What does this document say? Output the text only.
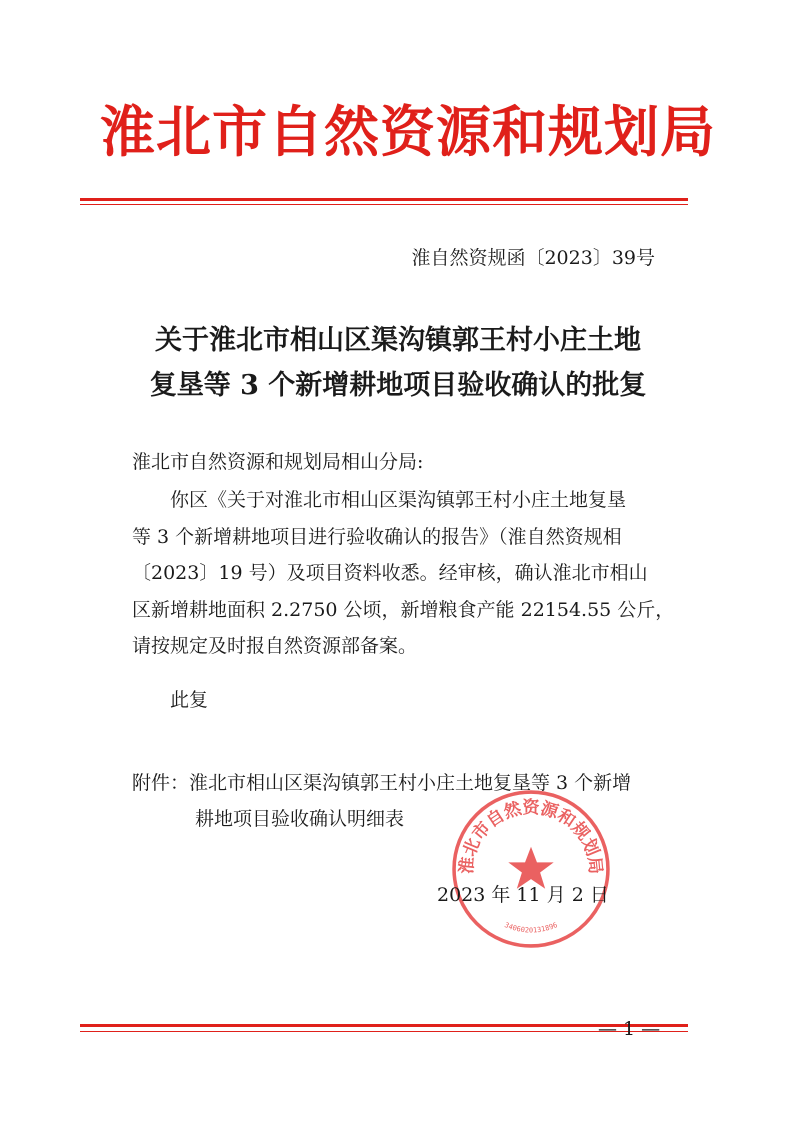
淮北市自然资源和规划局
淮自然资规函〔2023〕39号
关于淮北市相山区渠沟镇郭王村小庄土地
复垦等 3 个新增耕地项目验收确认的批复
淮北市自然资源和规划局相山分局:
你区《关于对淮北市相山区渠沟镇郭王村小庄土地复垦
等 3 个新增耕地项目进行验收确认的报告》（淮自然资规相
〔2023〕19 号）及项目资料收悉。经审核，确认淮北市相山
区新增耕地面积 2.2750 公顷，新增粮食产能 22154.55 公斤，
请按规定及时报自然资源部备案。
此复
附件：淮北市相山区渠沟镇郭王村小庄土地复垦等 3 个新增
耕地项目验收确认明细表
淮北市自然资源和规划局
3406020131896
2023 年 11 月 2 日
— 1 —
